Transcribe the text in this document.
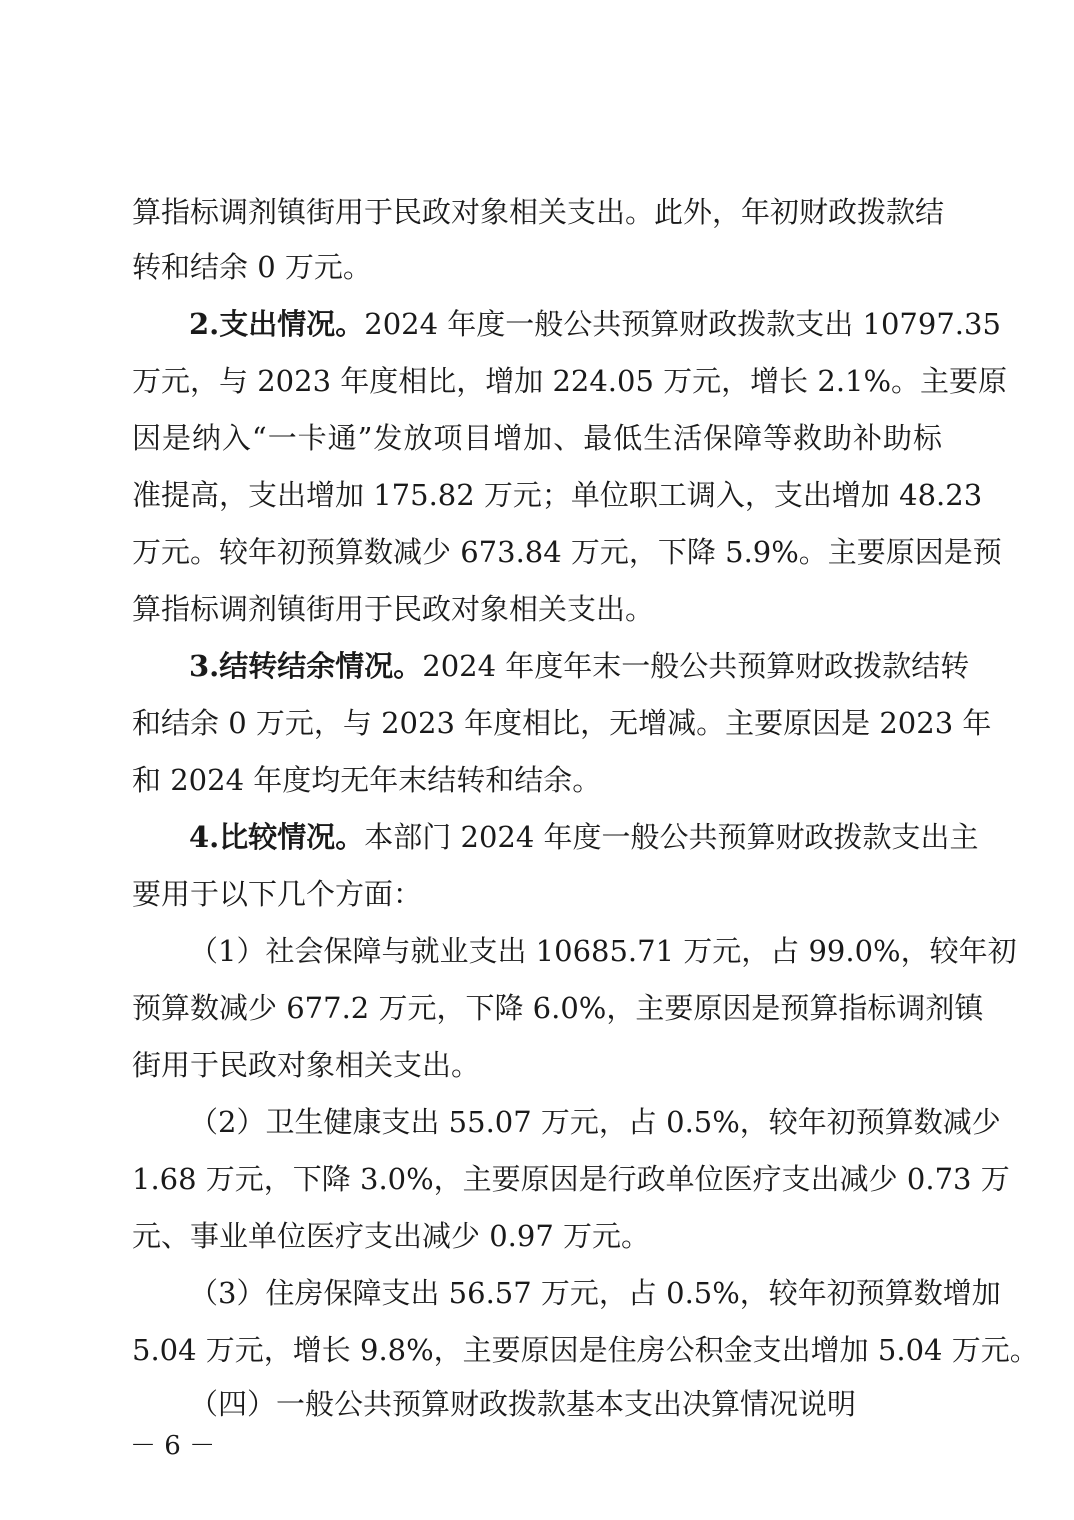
算指标调剂镇街用于民政对象相关支出。此外，年初财政拨款结
转和结余 0 万元。
2.支出情况。2024 年度一般公共预算财政拨款支出 10797.35
万元，与 2023 年度相比，增加 224.05 万元，增长 2.1%。主要原
因是纳入“一卡通”发放项目增加、最低生活保障等救助补助标
准提高，支出增加 175.82 万元；单位职工调入，支出增加 48.23
万元。较年初预算数减少 673.84 万元，下降 5.9%。主要原因是预
算指标调剂镇街用于民政对象相关支出。
3.结转结余情况。2024 年度年末一般公共预算财政拨款结转
和结余 0 万元，与 2023 年度相比，无增减。主要原因是 2023 年
和 2024 年度均无年末结转和结余。
4.比较情况。本部门 2024 年度一般公共预算财政拨款支出主
要用于以下几个方面：
（1）社会保障与就业支出 10685.71 万元，占 99.0%，较年初
预算数减少 677.2 万元，下降 6.0%，主要原因是预算指标调剂镇
街用于民政对象相关支出。
（2）卫生健康支出 55.07 万元，占 0.5%，较年初预算数减少
1.68 万元，下降 3.0%，主要原因是行政单位医疗支出减少 0.73 万
元、事业单位医疗支出减少 0.97 万元。
（3）住房保障支出 56.57 万元，占 0.5%，较年初预算数增加
5.04 万元，增长 9.8%，主要原因是住房公积金支出增加 5.04 万元。
（四）一般公共预算财政拨款基本支出决算情况说明
－ 6 －
